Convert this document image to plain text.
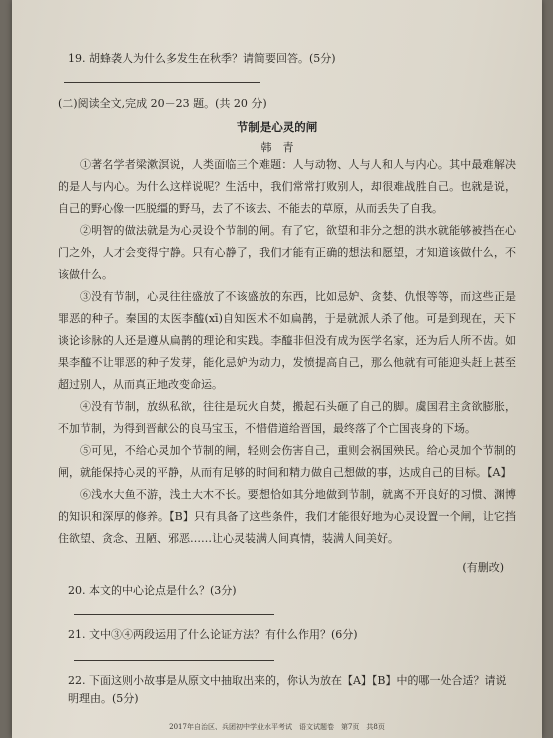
19. 胡蜂袭人为什么多发生在秋季？请简要回答。(5分)
(二)阅读全文,完成 20－23 题。(共 20 分)
节制是心灵的闸
韩　青
①著名学者梁漱溟说，人类面临三个难题：人与动物、人与人和人与内心。其中最难解决的是人与内心。为什么这样说呢？生活中，我们常常打败别人，却很难战胜自己。也就是说，自己的野心像一匹脱缰的野马，去了不该去、不能去的草原，从而丢失了自我。
②明智的做法就是为心灵设个节制的闸。有了它，欲望和非分之想的洪水就能够被挡在心门之外，人才会变得宁静。只有心静了，我们才能有正确的想法和愿望，才知道该做什么，不该做什么。
③没有节制，心灵往往盛放了不该盛放的东西，比如忌妒、贪婪、仇恨等等，而这些正是罪恶的种子。秦国的太医李醯(xī)自知医术不如扁鹊，于是就派人杀了他。可是到现在，天下谈论诊脉的人还是遵从扁鹊的理论和实践。李醯非但没有成为医学名家，还为后人所不齿。如果李醯不让罪恶的种子发芽，能化忌妒为动力，发愤提高自己，那么他就有可能迎头赶上甚至超过别人，从而真正地改变命运。
④没有节制，放纵私欲，往往是玩火自焚，搬起石头砸了自己的脚。虞国君主贪欲膨胀，不加节制，为得到晋献公的良马宝玉，不惜借道给晋国，最终落了个亡国丧身的下场。
⑤可见，不给心灵加个节制的闸，轻则会伤害自己，重则会祸国殃民。给心灵加个节制的闸，就能保持心灵的平静，从而有足够的时间和精力做自己想做的事，达成自己的目标。【A】
⑥浅水大鱼不游，浅土大木不长。要想恰如其分地做到节制，就离不开良好的习惯、渊博的知识和深厚的修养。【B】只有具备了这些条件，我们才能很好地为心灵设置一个闸，让它挡住欲望、贪念、丑陋、邪恶……让心灵装满人间真情，装满人间美好。
(有删改)
20. 本文的中心论点是什么？(3分)
21. 文中③④两段运用了什么论证方法？有什么作用？(6分)
22. 下面这则小故事是从原文中抽取出来的，你认为放在【A】【B】中的哪一处合适？请说明理由。(5分)
2017年自治区、兵团初中学业水平考试　语文试题卷　第7页　共8页
